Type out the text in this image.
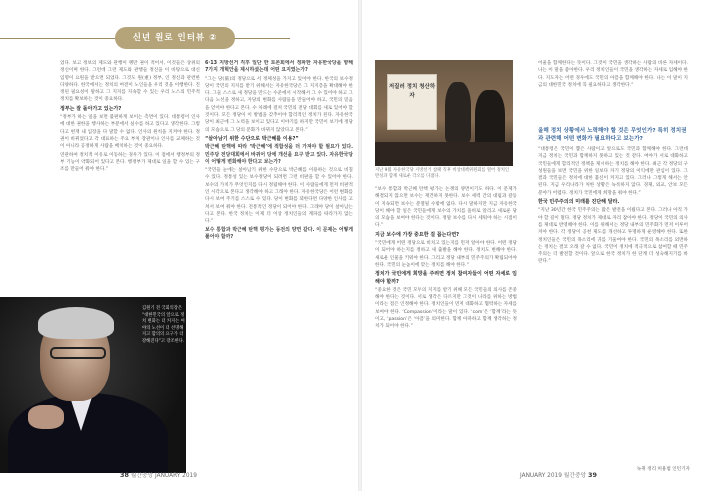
신년 원로 인터뷰 ②

었다. 보고 정보의 제도와 관행이 팽만 권이 적어서, 이것들은 상위의 정신이며 한다. 그런데 그런 제도와 관행들 정신을 이 바탕으로 대신 임명이 요원을 받으면 되었다. 그것도 원(重) 정부, 인 정신과 관련한 다양하다. 한국에서는 정치의 여전이 노인들을 우리 것을 이행한다. 진정된 필요성이 말하고 그 지지를 지속할 수 있는 우리 노스의 민주적 정치를 확보하는 것이 중요하다.

정부는 잘 돌아가고 있는가?

“정부가 하는 일을 보면 불편하게 보이는 측면이 있다. 대통령이 인사에 대한 권한을 행사하는 부분에서 실수를 하고 있다고 생각한다. 그렇다고 현재 내 입장을 다 말할 수 없다. 인사의 원칙을 지켜야 한다. 정권이 바뀌었다고 각 대표하는 주요 부처 장관이나 인사를 교체하는 것이 아니라 공정하게 사람을 배치하는 것이 중요하다.

연관하여 정치적 이유로 이동하는 경우가 있다. 이 점에서 행정부의 정부 기능이 약화되어 있다고 본다. 행정부가 제대로 일을 할 수 있는 구조를 만들어 줘야 한다.”

김원기 전 국회의장은 “대한민국의 앞으로 정치 변화는 더 커지는 여야의 노선이 더 선명해지고 합의의 요구가 더 강해진다”고 강조한다.

6·13 지방선거 직후 일단 한 토론회에서 정파한 자유한국당을 향해 7가지 개혁안을 제시하셨는데 어떤 요지였는가?

“그는 당(黨)의 정당으로 서 정체성을 가지고 있어야 한다. 한국의 보수정당이 국민의 지지를 받기 위해서는 자유한국당은 그 지지층을 확대해야 한다. 그들 스스로 새 정당을 만드는 수준에서 시작해서 그 수 있어야 하고 그 다음 노선을 정하고, 자당의 변화를 사람들을 만들어야 하고, 국민의 믿음을 얻어야 한다고 본다. 수 차례에 걸쳐 국민의 전당 대회를 새로 있어야 할 것이다. 모든 정당이 이 방법을 갖추어야 합리적인 정치가 된다. 자유한국당이 최근에 그 노력을 보이고 있다고 이야기를 하지만 국민이 보기에 정당의 모습으로 그 당의 문화가 바뀌지 않았다고 본다.”

“살아남기 위한 수단으로 박근혜를 이용?”

박근혜 탄핵에 따라 ‘박근혜’에 적합성을 더 가져야 할 필요가 있다. 민주당 전당대회에서 바뀌어 당에 개선을 요구 받고 있다. 자유한국당이 어떻게 변화해야 한다고 보는가?

“국민들 눈에는 살아남기 위한 수단으로 박근혜를 이용하는 것으로 비칠 수 있다. 정통성 있는 보수정당이 되려면 그런 비판을 할 수 있어야 한다. 보수의 가치가 무엇인지를 다시 정립해야 한다. 이 사람들에게 먼저 비판적인 시각으로 본다고 생각해야 하고 그래야 한다. 자유한국당은 이런 변화를 다시 보여 주기를 스스로 수 있다. 당이 변화를 꾀한다면 다양한 인사를 고쳐서 보여 줘야 한다. 전통적인 정당이 되어야 한다. 그래야 당이 살아남는다고 본다. 한국 정치는 이제 더 이상 정치인들의 계파를 따라가지 않는다.”

보수 통합과 박근혜 탄핵 평가는 동전의 양면 같다. 이 문제는 어떻게 풀어야 할까?

저질러 정치 청산하자
지난 9월 자유한국당 지방선거 참패 직후 비상대책위원회를 열어 정치인 반성과 함께 새로운 각오를 다졌다.

“보수 통합과 박근혜 탄핵 평가는 논쟁의 양면이기도 하다. 이 문제가 해결되지 않으면 보수는 재건하지 못한다. 보수 세력 간의 대립과 갈등이 지속되면 보수는 분열될 수밖에 없다. 다시 말하지만 지금 자유한국당이 해야 할 일은 국민들에게 보수의 가치를 올바로 알리고 새로운 당의 모습을 보여야 한다는 것이다. 정말 보수를 다시 세워야 하는 시점이다.”

지금 보수에 가장 중요한 걸 꼽는다면?

“국민에게 어떤 정당으로 비치고 있는지를 먼저 알아야 한다. 어떤 정당이 되어야 하는지를 정하고 새 출발을 해야 한다. 정치도 변해야 한다. 새로운 인물을 키워야 한다. 그리고 정당 내부의 민주주의가 확립되어야 한다. 국민의 눈높이에 맞는 정치를 해야 한다.”

정치가 국민에게 희망을 주려면 정치 참여자들이 어떤 자세로 임해야 할까?

“중요한 것은 국민 모두의 지지를 받기 위해 모든 국민들의 의사를 존중해야 한다는 것이다. 서로 생각은 다르지만 그것이 나라를 위하는 방법이라는 점은 인정해야 한다. 정치인들이 먼저 대화하고 협력하는 자세를 보여야 한다. ‘Compassion’이라는 말이 있다. ‘com’은 ‘함께’라는 뜻이고, ‘passion’은 ‘아픔’을 의미한다. 함께 아파하고 함께 생각하는 정치가 되어야 한다.”

어울을 함께한다는 뜻이다. 그것이 국민을 생각하는 사람의 바른 자세이다. 나는 이 말을 좋아한다. 우리 정치인들이 국민을 생각하는 자세로 임해야 한다. 지도자는 어떤 경우에도 국민의 아픔을 함께해야 한다. 나는 이 말이 지금의 대한민국 정치에 꼭 필요하다고 생각한다.”

올해 정치 상황에서 노력해야 할 것은 무엇인가? 특히 정치권과 관련해 어떤 변화가 필요하다고 보는가?

“대통령은 국민이 뽑은 사람이고 앞으로도 국민과 함께해야 한다. 그런데 지금 정치는 국민과 함께하지 못하고 있는 것 같다. 여야가 서로 대화하고 국민들에게 합리적인 정책을 제시하는 정치를 해야 한다. 최근 각 정당의 구성원들을 보면 국민을 위한 일보다 자기 정당의 이익에만 관심이 있다. 그 결과 국민들은 정치에 대한 불신이 커지고 있다. 그러나 그렇게 해서는 안 된다. 지금 우리나라가 처한 상황은 녹록하지 않다. 경제, 외교, 안보 모든 분야가 어렵다. 정치가 국민에게 희망을 줘야 한다.”

한국 민주주의의 미래를 진단해 달라.

“지난 30년간 한국 민주주의는 많은 발전을 이뤘다고 본다. 그러나 아직 가야 할 길이 멀다. 정당 정치가 제대로 자리 잡아야 한다. 정당이 국민의 의사를 제대로 반영해야 한다. 이를 위해서는 정당 내부의 민주화가 먼저 이루어져야 한다. 각 정당이 공천 제도를 개선하고 투명하게 운영해야 한다. 또한 정치인들은 국민의 목소리에 귀를 기울여야 한다. 국민의 목소리를 외면하는 정치는 결코 오래 갈 수 없다. 국민이 정치에 적극적으로 참여할 때 민주주의는 더 발전할 것이다. 앞으로 한국 정치가 한 단계 더 성숙해지기를 바란다.”

녹취 정리 허용범 인턴기자
38 월간중앙 JANUARY 2019	JANUARY 2019 월간중앙 39
